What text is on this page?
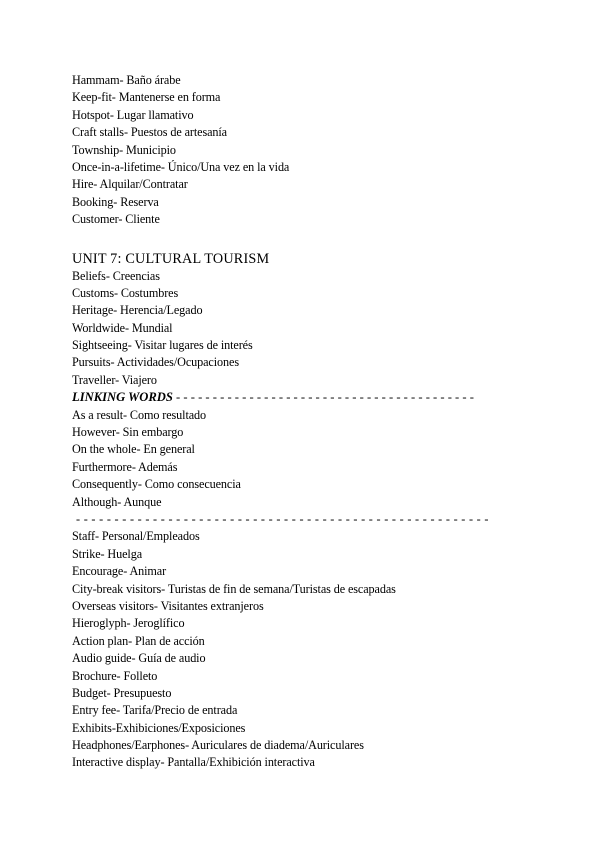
Hammam- Baño árabe
Keep-fit- Mantenerse en forma
Hotspot- Lugar llamativo
Craft stalls- Puestos de artesanía
Township- Municipio
Once-in-a-lifetime- Único/Una vez en la vida
Hire- Alquilar/Contratar
Booking- Reserva
Customer- Cliente
UNIT 7: CULTURAL TOURISM
Beliefs- Creencias
Customs- Costumbres
Heritage- Herencia/Legado
Worldwide- Mundial
Sightseeing- Visitar lugares de interés
Pursuits- Actividades/Ocupaciones
Traveller- Viajero
LINKING WORDS - - - - - - - - - - - - - - - - - - - - - - - - - - - - - - - - - - - - - - - - -
As a result- Como resultado
However- Sin embargo
On the whole- En general
Furthermore- Además
Consequently- Como consecuencia
Although- Aunque
- - - - - - - - - - - - - - - - - - - - - - - - - - - - - - - - - - - - - - - - - - - - - - - - - - - - - -
Staff- Personal/Empleados
Strike- Huelga
Encourage- Animar
City-break visitors- Turistas de fin de semana/Turistas de escapadas
Overseas visitors- Visitantes extranjeros
Hieroglyph- Jeroglífico
Action plan- Plan de acción
Audio guide- Guía de audio
Brochure- Folleto
Budget- Presupuesto
Entry fee- Tarifa/Precio de entrada
Exhibits-Exhibiciones/Exposiciones
Headphones/Earphones- Auriculares de diadema/Auriculares
Interactive display- Pantalla/Exhibición interactiva
